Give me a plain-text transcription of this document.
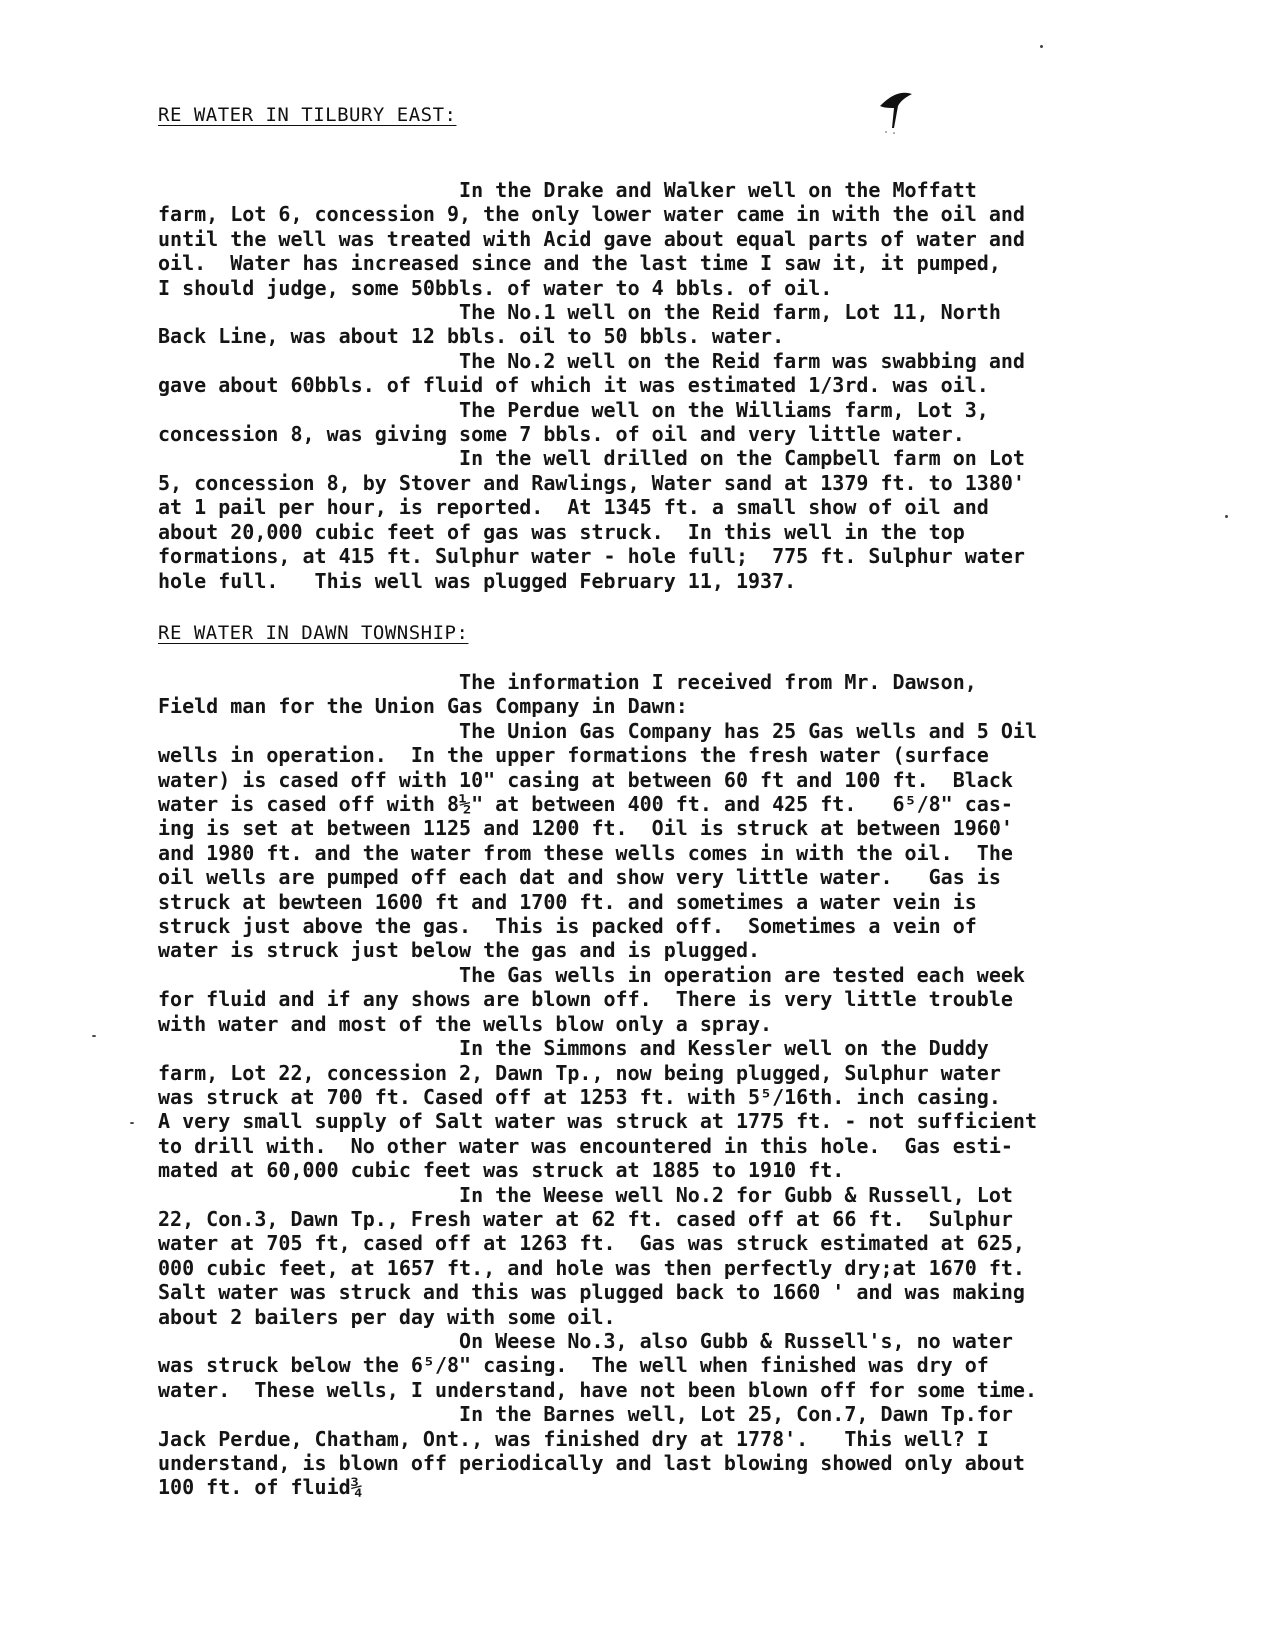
RE WATER IN TILBURY EAST:
In the Drake and Walker well on the Moffatt
farm, Lot 6, concession 9, the only lower water came in with the oil and
until the well was treated with Acid gave about equal parts of water and
oil.  Water has increased since and the last time I saw it, it pumped,
I should judge, some 50bbls. of water to 4 bbls. of oil.
The No.1 well on the Reid farm, Lot 11, North
Back Line, was about 12 bbls. oil to 50 bbls. water.
The No.2 well on the Reid farm was swabbing and
gave about 60bbls. of fluid of which it was estimated 1/3rd. was oil.
The Perdue well on the Williams farm, Lot 3,
concession 8, was giving some 7 bbls. of oil and very little water.
In the well drilled on the Campbell farm on Lot
5, concession 8, by Stover and Rawlings, Water sand at 1379 ft. to 1380'
at 1 pail per hour, is reported.  At 1345 ft. a small show of oil and
about 20,000 cubic feet of gas was struck.  In this well in the top
formations, at 415 ft. Sulphur water - hole full;  775 ft. Sulphur water
hole full.   This well was plugged February 11, 1937.

RE WATER IN DAWN TOWNSHIP:
The information I received from Mr. Dawson,
Field man for the Union Gas Company in Dawn:
The Union Gas Company has 25 Gas wells and 5 Oil
wells in operation.  In the upper formations the fresh water (surface
water) is cased off with 10" casing at between 60 ft and 100 ft.  Black
water is cased off with 8½" at between 400 ft. and 425 ft.   6⁵/8" cas-
ing is set at between 1125 and 1200 ft.  Oil is struck at between 1960'
and 1980 ft. and the water from these wells comes in with the oil.  The
oil wells are pumped off each dat and show very little water.   Gas is
struck at bewteen 1600 ft and 1700 ft. and sometimes a water vein is
struck just above the gas.  This is packed off.  Sometimes a vein of
water is struck just below the gas and is plugged.
The Gas wells in operation are tested each week
for fluid and if any shows are blown off.  There is very little trouble
with water and most of the wells blow only a spray.
In the Simmons and Kessler well on the Duddy
farm, Lot 22, concession 2, Dawn Tp., now being plugged, Sulphur water
was struck at 700 ft. Cased off at 1253 ft. with 5⁵/16th. inch casing.
A very small supply of Salt water was struck at 1775 ft. - not sufficient
to drill with.  No other water was encountered in this hole.  Gas esti-
mated at 60,000 cubic feet was struck at 1885 to 1910 ft.
In the Weese well No.2 for Gubb & Russell, Lot
22, Con.3, Dawn Tp., Fresh water at 62 ft. cased off at 66 ft.  Sulphur
water at 705 ft, cased off at 1263 ft.  Gas was struck estimated at 625,
000 cubic feet, at 1657 ft., and hole was then perfectly dry;at 1670 ft.
Salt water was struck and this was plugged back to 1660 ' and was making
about 2 bailers per day with some oil.
On Weese No.3, also Gubb & Russell's, no water
was struck below the 6⁵/8" casing.  The well when finished was dry of
water.  These wells, I understand, have not been blown off for some time.
In the Barnes well, Lot 25, Con.7, Dawn Tp.for
Jack Perdue, Chatham, Ont., was finished dry at 1778'.   This well? I
understand, is blown off periodically and last blowing showed only about
100 ft. of fluid¾
